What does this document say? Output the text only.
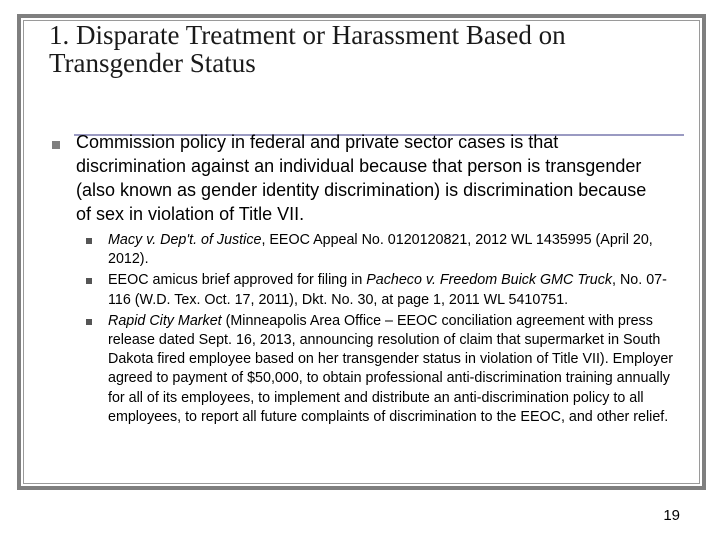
1. Disparate Treatment or Harassment Based on Transgender Status
Commission policy in federal and private sector cases is that discrimination against an individual because that person is transgender (also known as gender identity discrimination) is discrimination because of sex in violation of Title VII.
Macy v. Dep't. of Justice, EEOC Appeal No. 0120120821, 2012 WL 1435995 (April 20, 2012).
EEOC amicus brief approved for filing in Pacheco v. Freedom Buick GMC Truck, No. 07-116 (W.D. Tex. Oct. 17, 2011), Dkt. No. 30, at page 1, 2011 WL 5410751.
Rapid City Market (Minneapolis Area Office – EEOC conciliation agreement with press release dated Sept. 16, 2013, announcing resolution of claim that supermarket in South Dakota fired employee based on her transgender status in violation of Title VII). Employer agreed to payment of $50,000, to obtain professional anti-discrimination training annually for all of its employees, to implement and distribute an anti-discrimination policy to all employees, to report all future complaints of discrimination to the EEOC, and other relief.
19
